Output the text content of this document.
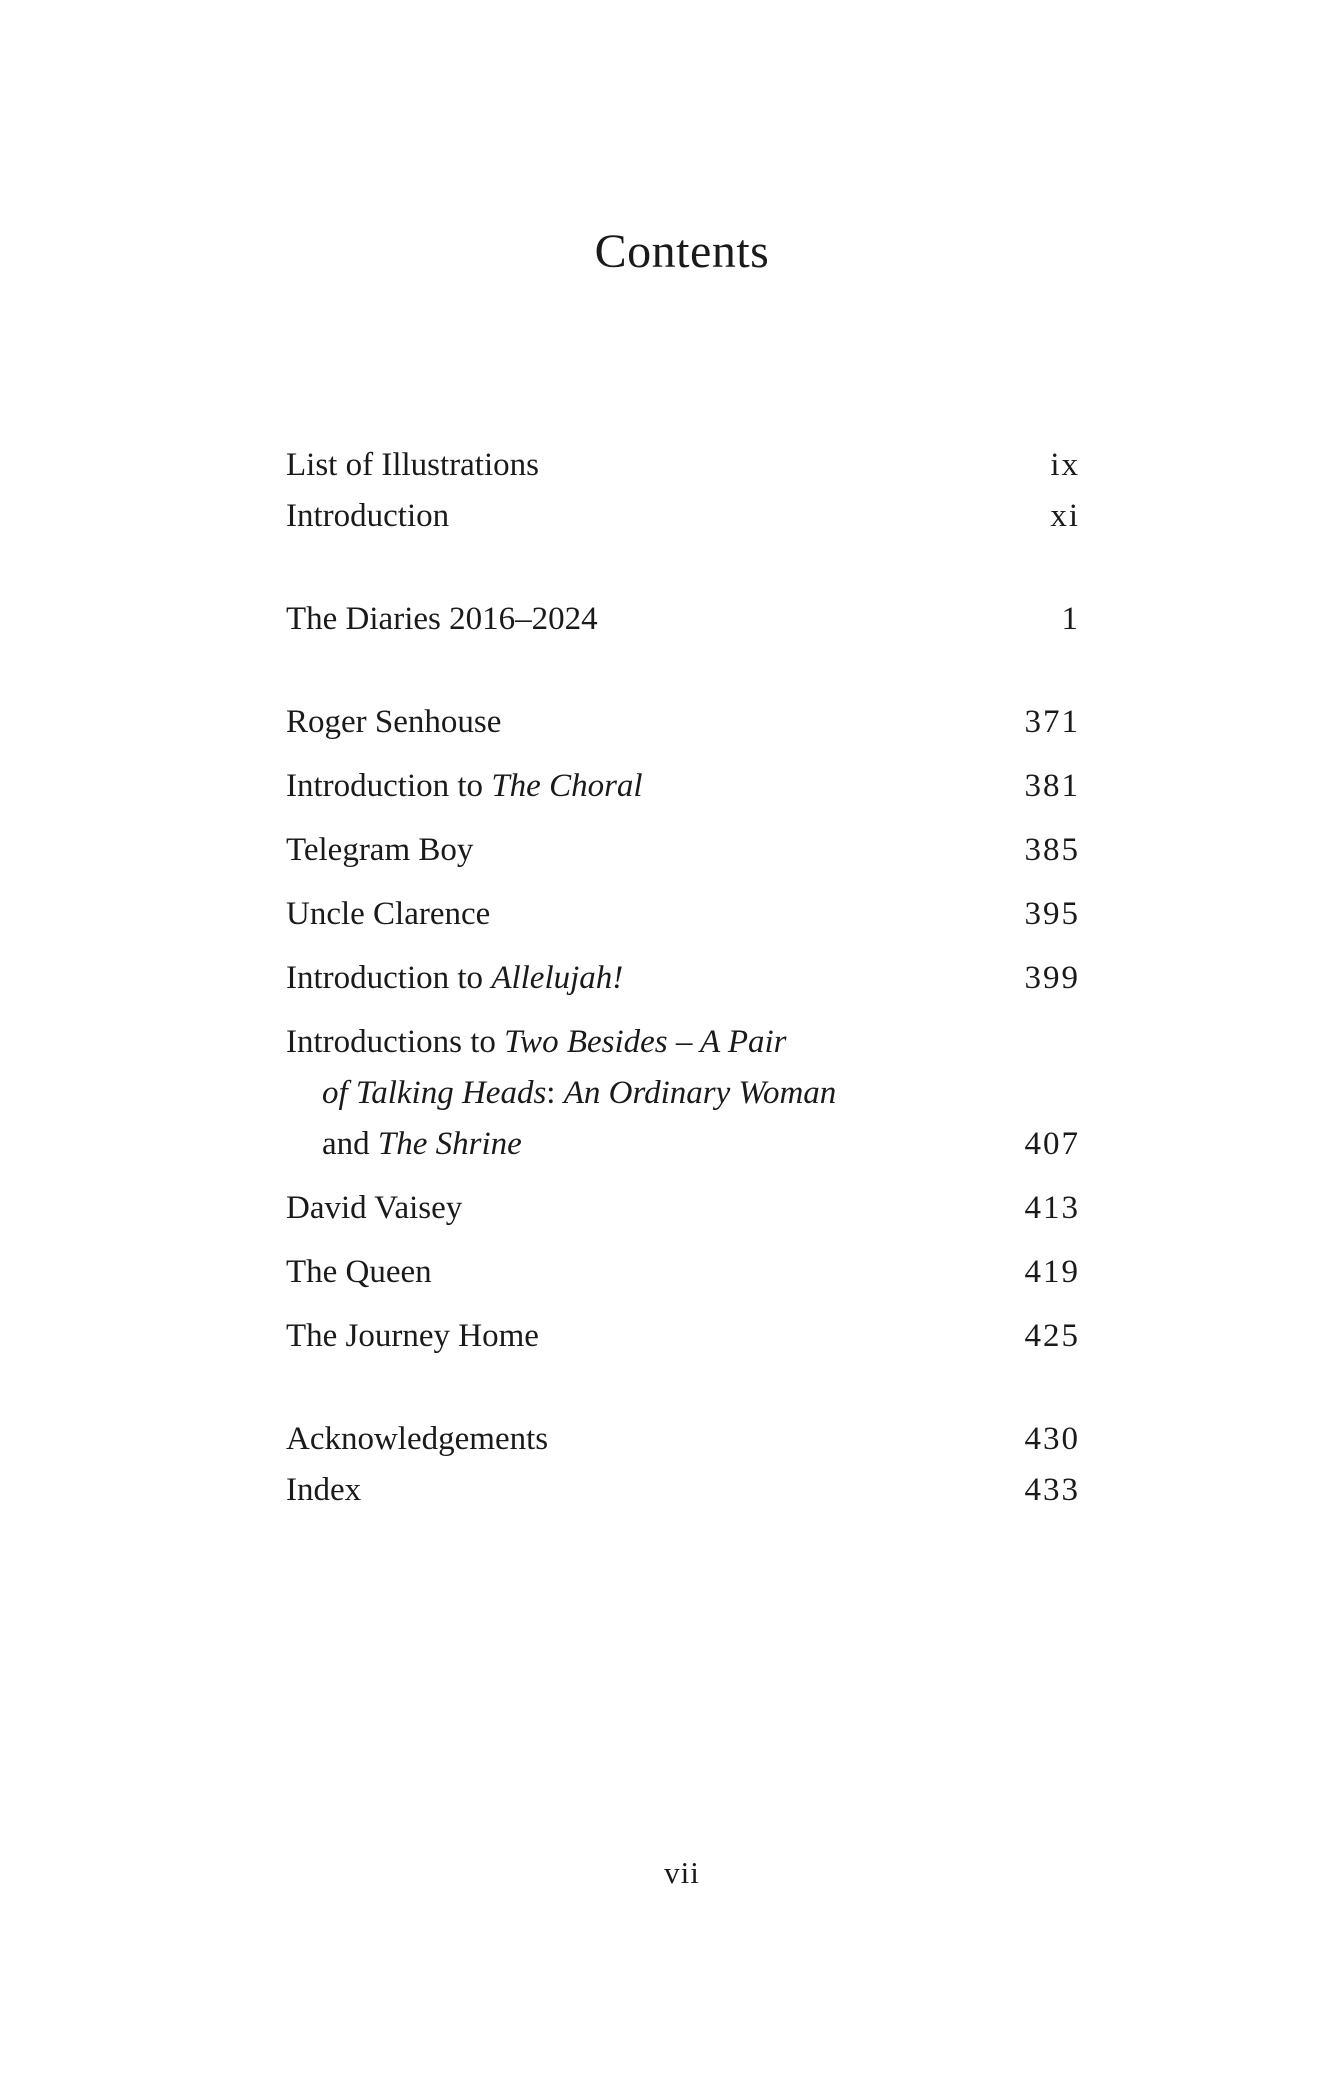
Contents
List of Illustrations	ix
Introduction	xi
The Diaries 2016–2024	1
Roger Senhouse	371
Introduction to The Choral	381
Telegram Boy	385
Uncle Clarence	395
Introduction to Allelujah!	399
Introductions to Two Besides – A Pair
of Talking Heads: An Ordinary Woman
and The Shrine	407
David Vaisey	413
The Queen	419
The Journey Home	425
Acknowledgements	430
Index	433
vii
